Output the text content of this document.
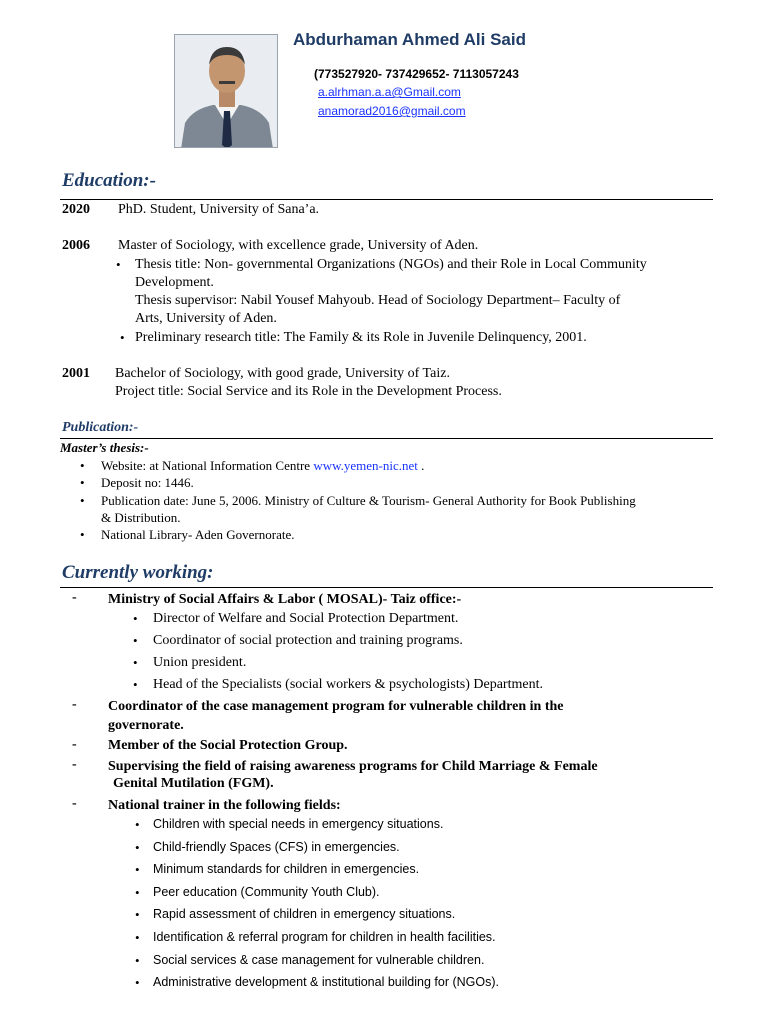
Abdurhaman Ahmed Ali Said
(773527920- 737429652- 7113057243
a.alrhman.a.a@Gmail.com
anamorad2016@gmail.com
Education:-
2020 PhD. Student, University of Sana’a.
2006 Master of Sociology, with excellence grade, University of Aden.
• Thesis title: Non- governmental Organizations (NGOs) and their Role in Local Community
Development.
Thesis supervisor: Nabil Yousef Mahyoub. Head of Sociology Department– Faculty of
Arts, University of Aden.
• Preliminary research title: The Family & its Role in Juvenile Delinquency, 2001.
2001 Bachelor of Sociology, with good grade, University of Taiz.
Project title: Social Service and its Role in the Development Process.
Publication:-
Master’s thesis:-
• Website: at National Information Centre www.yemen-nic.net .
• Deposit no: 1446.
• Publication date: June 5, 2006. Ministry of Culture & Tourism- General Authority for Book Publishing
& Distribution.
• National Library- Aden Governorate.
Currently working:
- Ministry of Social Affairs & Labor ( MOSAL)- Taiz office:-
• Director of Welfare and Social Protection Department.
• Coordinator of social protection and training programs.
• Union president.
• Head of the Specialists (social workers & psychologists) Department.
- Coordinator of the case management program for vulnerable children in the
governorate.
- Member of the Social Protection Group.
- Supervising the field of raising awareness programs for Child Marriage & Female
Genital Mutilation (FGM).
- National trainer in the following fields:
• Children with special needs in emergency situations.
• Child-friendly Spaces (CFS) in emergencies.
• Minimum standards for children in emergencies.
• Peer education (Community Youth Club).
• Rapid assessment of children in emergency situations.
• Identification & referral program for children in health facilities.
• Social services & case management for vulnerable children.
• Administrative development & institutional building for (NGOs).
